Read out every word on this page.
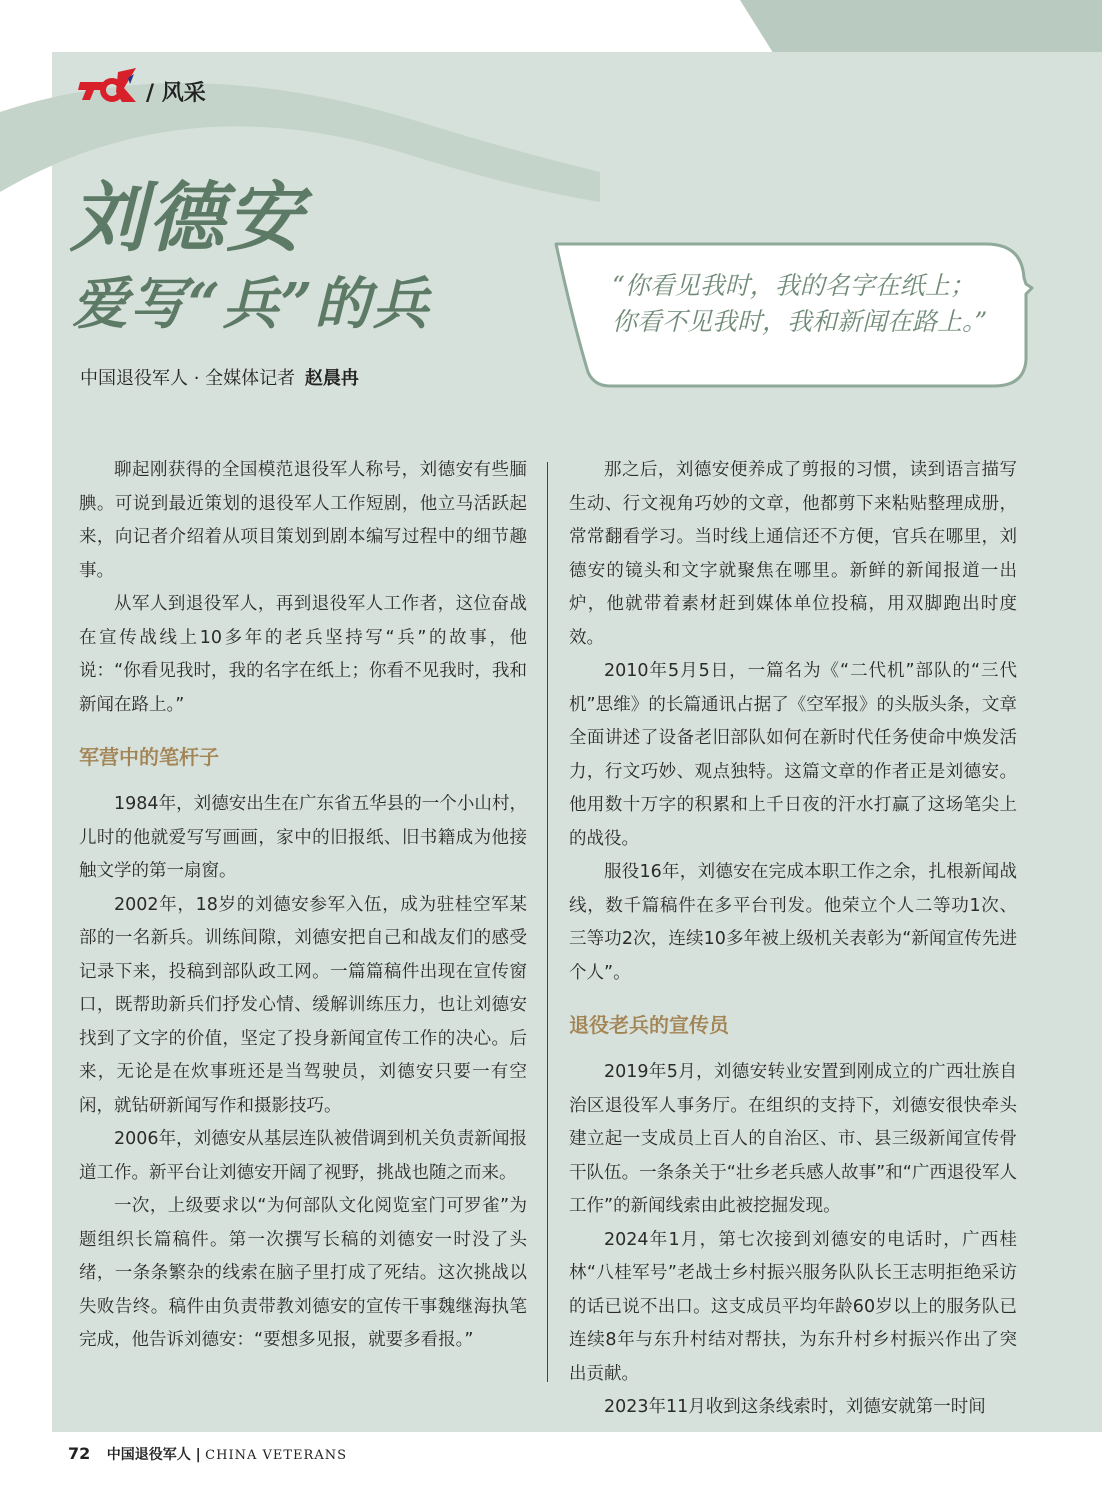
/ 风采
刘德安
爱写“兵”的兵
中国退役军人 · 全媒体记者 赵晨冉
“你看见我时，我的名字在纸上；你看不见我时，我和新闻在路上。”

聊起刚获得的全国模范退役军人称号，刘德安有些腼腆。可说到最近策划的退役军人工作短剧，他立马活跃起来，向记者介绍着从项目策划到剧本编写过程中的细节趣事。

从军人到退役军人，再到退役军人工作者，这位奋战在宣传战线上10多年的老兵坚持写“兵”的故事，他说：“你看见我时，我的名字在纸上；你看不见我时，我和新闻在路上。”

军营中的笔杆子

1984年，刘德安出生在广东省五华县的一个小山村，儿时的他就爱写写画画，家中的旧报纸、旧书籍成为他接触文学的第一扇窗。

2002年，18岁的刘德安参军入伍，成为驻桂空军某部的一名新兵。训练间隙，刘德安把自己和战友们的感受记录下来，投稿到部队政工网。一篇篇稿件出现在宣传窗口，既帮助新兵们抒发心情、缓解训练压力，也让刘德安找到了文字的价值，坚定了投身新闻宣传工作的决心。后来，无论是在炊事班还是当驾驶员，刘德安只要一有空闲，就钻研新闻写作和摄影技巧。

2006年，刘德安从基层连队被借调到机关负责新闻报道工作。新平台让刘德安开阔了视野，挑战也随之而来。

一次，上级要求以“为何部队文化阅览室门可罗雀”为题组织长篇稿件。第一次撰写长稿的刘德安一时没了头绪，一条条繁杂的线索在脑子里打成了死结。这次挑战以失败告终。稿件由负责带教刘德安的宣传干事魏继海执笔完成，他告诉刘德安：“要想多见报，就要多看报。”

那之后，刘德安便养成了剪报的习惯，读到语言描写生动、行文视角巧妙的文章，他都剪下来粘贴整理成册，常常翻看学习。当时线上通信还不方便，官兵在哪里，刘德安的镜头和文字就聚焦在哪里。新鲜的新闻报道一出炉，他就带着素材赶到媒体单位投稿，用双脚跑出时度效。

2010年5月5日，一篇名为《“二代机”部队的“三代机”思维》的长篇通讯占据了《空军报》的头版头条，文章全面讲述了设备老旧部队如何在新时代任务使命中焕发活力，行文巧妙、观点独特。这篇文章的作者正是刘德安。他用数十万字的积累和上千日夜的汗水打赢了这场笔尖上的战役。

服役16年，刘德安在完成本职工作之余，扎根新闻战线，数千篇稿件在多平台刊发。他荣立个人二等功1次、三等功2次，连续10多年被上级机关表彰为“新闻宣传先进个人”。

退役老兵的宣传员

2019年5月，刘德安转业安置到刚成立的广西壮族自治区退役军人事务厅。在组织的支持下，刘德安很快牵头建立起一支成员上百人的自治区、市、县三级新闻宣传骨干队伍。一条条关于“壮乡老兵感人故事”和“广西退役军人工作”的新闻线索由此被挖掘发现。

2024年1月，第七次接到刘德安的电话时，广西桂林“八桂军号”老战士乡村振兴服务队队长王志明拒绝采访的话已说不出口。这支成员平均年龄60岁以上的服务队已连续8年与东升村结对帮扶，为东升村乡村振兴作出了突出贡献。

2023年11月收到这条线索时，刘德安就第一时间

72 中国退役军人 | CHINA VETERANS
